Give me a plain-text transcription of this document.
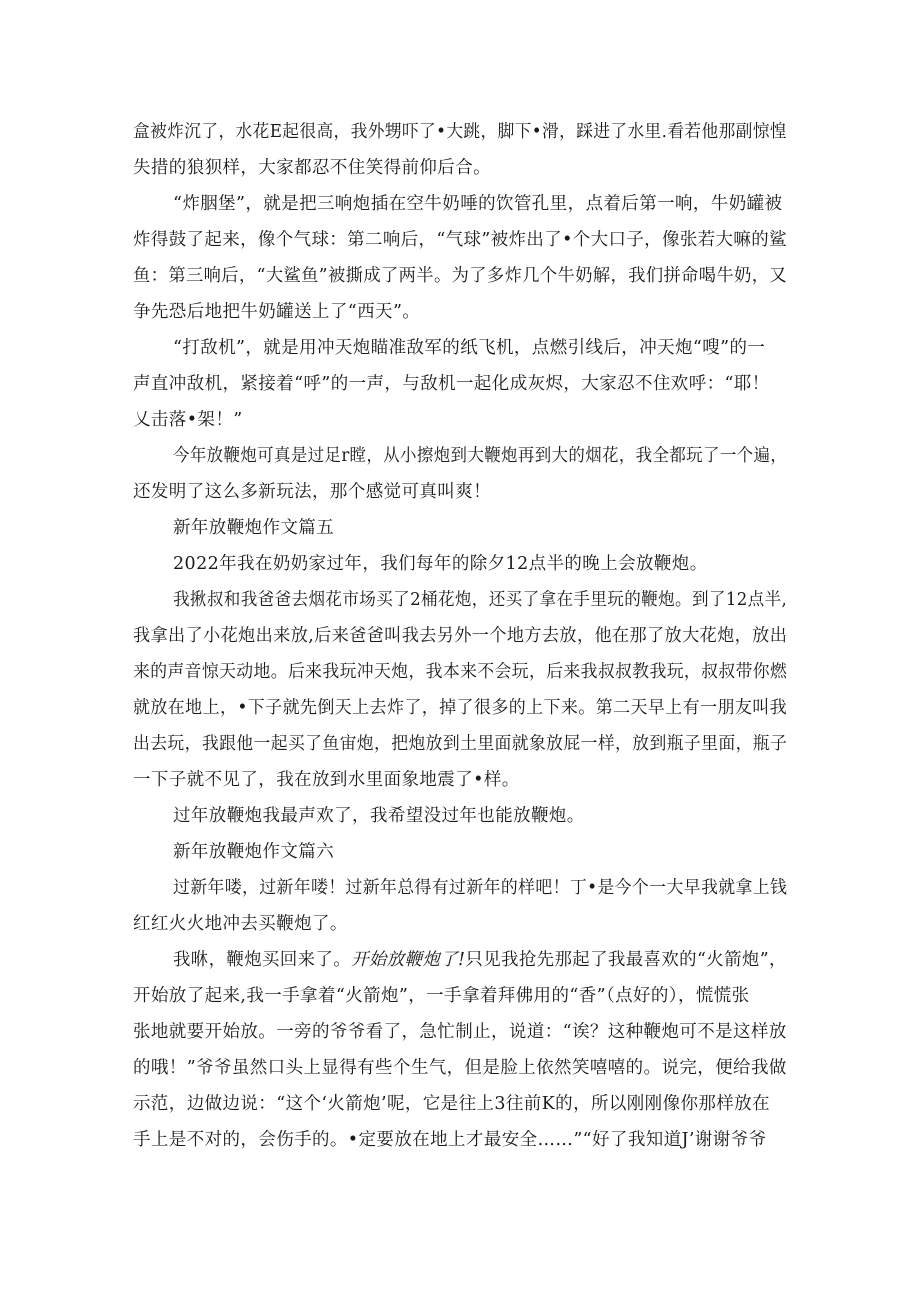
盒被炸沉了，水花E起很高，我外甥吓了•大跳，脚下•滑，踩进了水里.看若他那副惊惶
失措的狼狈样，大家都忍不住笑得前仰后合。
“炸胭堡”，就是把三响炮插在空牛奶唾的饮管孔里，点着后第一响，牛奶罐被
炸得鼓了起来，像个气球：第二响后，“气球”被炸出了•个大口子，像张若大嘛的鲨
鱼：第三响后，“大鲨鱼”被撕成了两半。为了多炸几个牛奶解，我们拼命喝牛奶，又
争先恐后地把牛奶罐送上了“西天”。
“打敌机”，就是用冲天炮瞄准敌军的纸飞机，点燃引线后，冲天炮“嗖”的一
声直冲敌机，紧接着“呼”的一声，与敌机一起化成灰烬，大家忍不住欢呼：“耶！
乂击落•架！”
今年放鞭炮可真是过足r瞠，从小擦炮到大鞭炮再到大的烟花，我全都玩了一个遍，
还发明了这么多新玩法，那个感觉可真叫爽！
新年放鞭炮作文篇五
2022年我在奶奶家过年，我们每年的除夕12点半的晚上会放鞭炮。
我揪叔和我爸爸去烟花市场买了2桶花炮，还买了拿在手里玩的鞭炮。到了12点半,
我拿出了小花炮出来放,后来爸爸叫我去另外一个地方去放，他在那了放大花炮，放出
来的声音惊天动地。后来我玩冲天炮，我本来不会玩，后来我叔叔教我玩，叔叔带你燃
就放在地上，•下子就先倒天上去炸了，掉了很多的上下来。第二天早上有一朋友叫我
出去玩，我跟他一起买了鱼宙炮，把炮放到土里面就象放屁一样，放到瓶子里面，瓶子
一下子就不见了，我在放到水里面象地震了•样。
过年放鞭炮我最声欢了，我希望没过年也能放鞭炮。
新年放鞭炮作文篇六
过新年喽，过新年喽！过新年总得有过新年的样吧！丁•是今个一大早我就拿上钱
红红火火地冲去买鞭炮了。
我咻，鞭炮买回来了。开始放鞭炮了!只见我抢先那起了我最喜欢的“火箭炮”，
开始放了起来,我一手拿着“火箭炮”，一手拿着拜佛用的“香”（点好的），慌慌张
张地就要开始放。一旁的爷爷看了，急忙制止，说道：“诶？这种鞭炮可不是这样放
的哦！”爷爷虽然口头上显得有些个生气，但是脸上依然笑嘻嘻的。说完，便给我做
示范，边做边说：“这个‘火箭炮’呢，它是往上3往前K的，所以刚刚像你那样放在
手上是不对的，会伤手的。•定要放在地上才最安全……”“好了我知道J’谢谢爷爷
